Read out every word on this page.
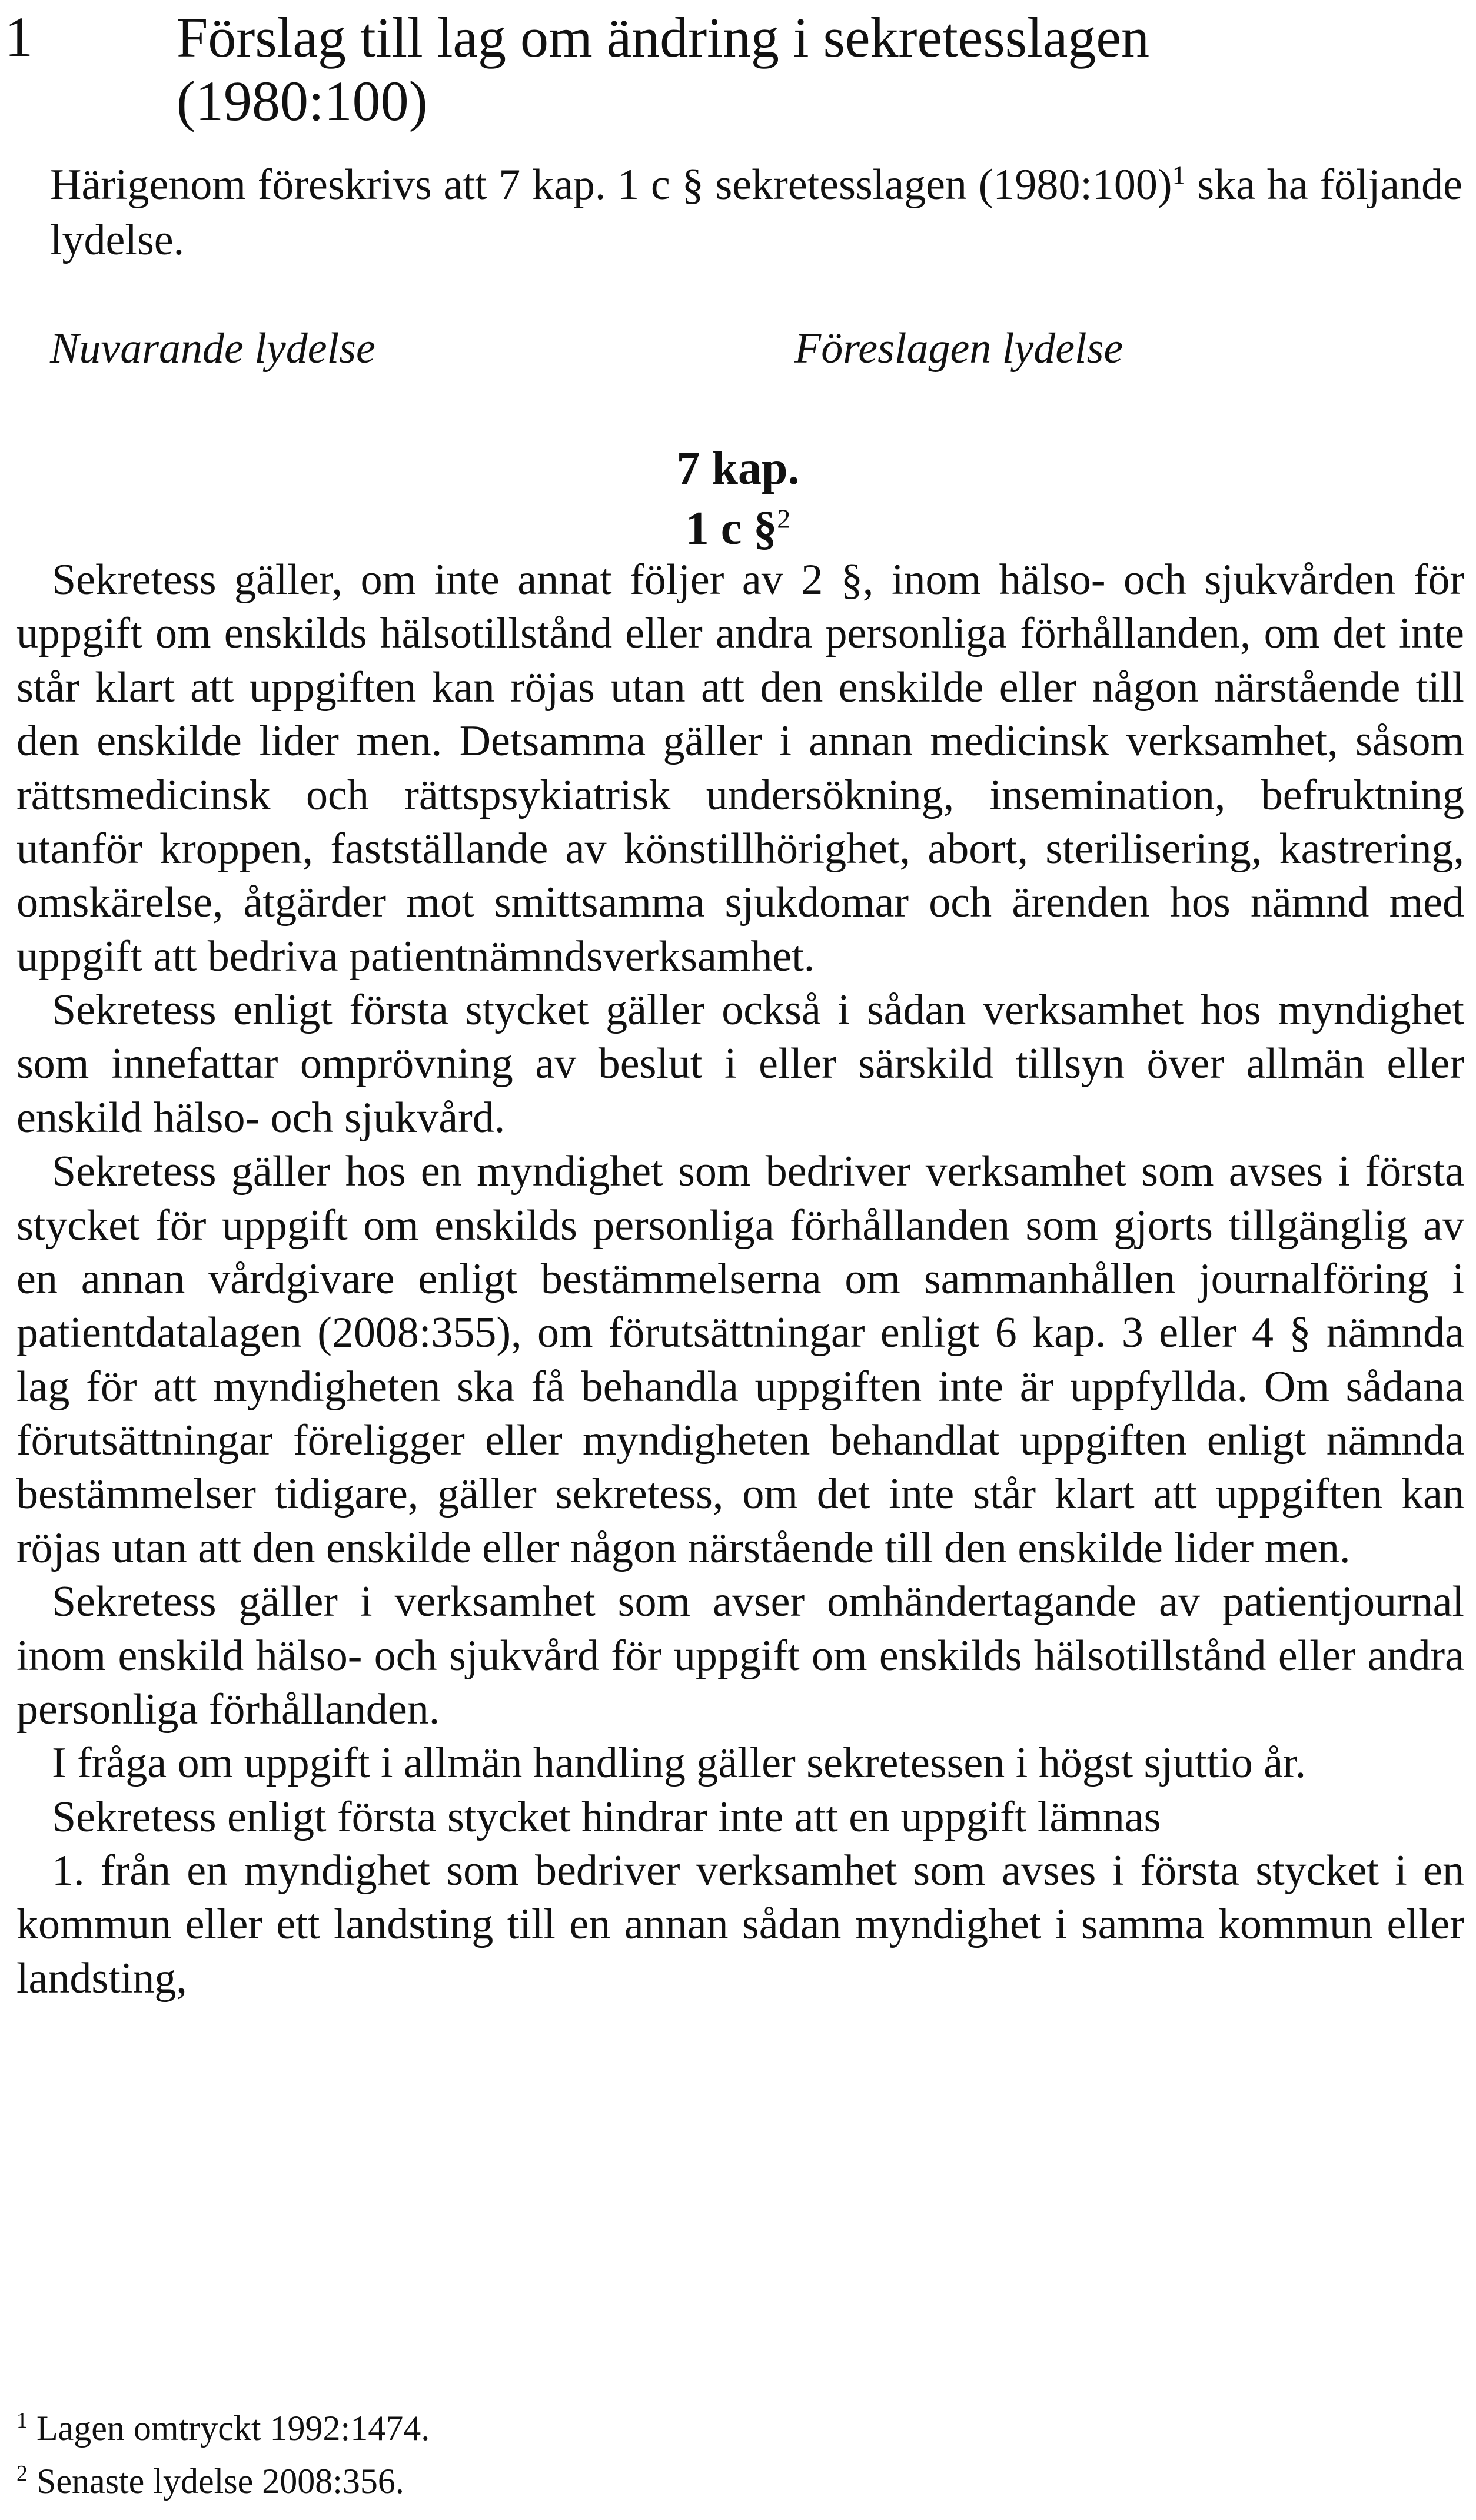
1	Förslag till lag om ändring i sekretesslagen (1980:100)
Härigenom föreskrivs att 7 kap. 1 c § sekretesslagen (1980:100)$^1$ ska ha följande lydelse.
Nuvarande lydelse	Föreslagen lydelse
7 kap.
1 c §$^2$

Sekretess gäller, om inte annat följer av 2 §, inom hälso- och sjukvården för uppgift om enskilds hälsotillstånd eller andra personliga förhållanden, om det inte står klart att uppgiften kan röjas utan att den enskilde eller någon närstående till den enskilde lider men. Detsamma gäller i annan medicinsk verksamhet, såsom rättsmedicinsk och rättspsykiatrisk undersökning, insemination, befruktning utanför kroppen, fastställande av könstillhörighet, abort, sterilisering, kastrering, omskärelse, åtgärder mot smittsamma sjukdomar och ärenden hos nämnd med uppgift att bedriva patientnämndsverksamhet.

Sekretess enligt första stycket gäller också i sådan verksamhet hos myndighet som innefattar omprövning av beslut i eller särskild tillsyn över allmän eller enskild hälso- och sjukvård.

Sekretess gäller hos en myndighet som bedriver verksamhet som avses i första stycket för uppgift om enskilds personliga förhållanden som gjorts tillgänglig av en annan vårdgivare enligt bestämmelserna om sammanhållen journalföring i patientdatalagen (2008:355), om förutsättningar enligt 6 kap. 3 eller 4 § nämnda lag för att myndigheten ska få behandla uppgiften inte är uppfyllda. Om sådana förutsättningar föreligger eller myndigheten behandlat uppgiften enligt nämnda bestämmelser tidigare, gäller sekretess, om det inte står klart att uppgiften kan röjas utan att den enskilde eller någon närstående till den enskilde lider men.

Sekretess gäller i verksamhet som avser omhändertagande av patientjournal inom enskild hälso- och sjukvård för uppgift om enskilds hälsotillstånd eller andra personliga förhållanden.

I fråga om uppgift i allmän handling gäller sekretessen i högst sjuttio år.

Sekretess enligt första stycket hindrar inte att en uppgift lämnas

1. från en myndighet som bedriver verksamhet som avses i första stycket i en kommun eller ett landsting till en annan sådan myndighet i samma kommun eller landsting,

$^1$ Lagen omtryckt 1992:1474.

$^2$ Senaste lydelse 2008:356.
